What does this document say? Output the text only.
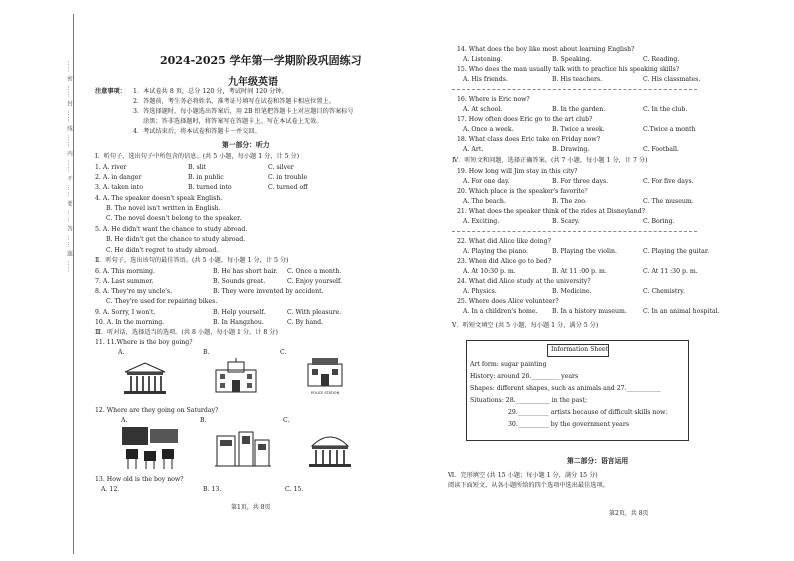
…… 密 …… 封 …… 线 …… 内 …… 不 …… 要 …… 答 …… 题 ……	2024-2025 学年第一学期阶段巩固练习
九年级英语
注意事项： 1．本试卷共 8 页，总分 120 分，考试时间 120 分钟。
2．答题前，考生务必将姓名、准考证号填写在试卷和答题卡相应位置上。
3．答选择题时，每小题选出答案后，用 2B 铅笔把答题卡上对应题目的答案标号
涂黑；答非选择题时，将答案写在答题卡上。写在本试卷上无效。
4．考试结束后，将本试卷和答题卡一并交回。
第一部分：听力
Ⅰ．听句子，选出句子中所包含的信息。(共 5 小题，每小题 1 分，计 5 分)
1. A. river	B. slit	C. silver
2. A. in danger	B. in public	C. in trouble
3. A. taken into	B. turned into	C. turned off
4. A. The speaker doesn't speak English.
B. The novel isn't written in English.
C. The novel doesn't belong to the speaker.
5. A. He didn't want the chance to study abroad.
B. He didn't get the chance to study abroad.
C. He didn't regret to study abroad.
Ⅱ．听句子，选出该句的最佳答语。(共 5 小题，每小题 1 分，计 5 分)
6. A. This morning.	B. He has short hair. C. Once a month.
7. A. Last summer.	B. Sounds great.	C. Enjoy yourself.
8. A. They're my uncle's.	B. They were invented by accident.
C. They're used for repairing bikes.
9. A. Sorry, I won't.	B. Help yourself.	C. With pleasure.
10. A. In the morning.	B. In Hangzhou.	C. By hand.
Ⅲ．听对话，选择适当的选项。(共 8 小题，每小题 1 分，计 8 分)
11. 11.Where is the boy going?
A.	B.	C.
POLICE STATION
12. Where are they going on Saturday?
A.	B.	C.
13. How old is the boy now?
A. 12.	B. 13.	C. 15.
第1页，共 8页
14. What does the boy like most about learning English?
A. Listening.	B. Speaking.	C. Reading.
15. Who does the man usually talk with to practice his speaking skills?
A. His friends.	B. His teachers.	C. His classmates.
16. Where is Eric now?
A. At school.	B. In the garden.	C. In the club.
17. How often does Eric go to the art club?
A. Once a week.	B. Twice a week.	C.Twice a month
18. What class does Eric take on Friday now?
A. Art.	B. Drawing.	C. Football.
Ⅳ．听短文和问题，选择正确答案。(共 7 小题，每小题 1 分，计 7 分)
19. How long will Jim stay in this city?
A. For one day.	B. For three days.	C. For five days.
20. Which place is the speaker's favorite？
A. The beach.	B. The zoo.	C. The museum.
21. What does the speaker think of the rides at Disneyland?
A. Exciting.	B. Scary.	C. Boring.
22. What did Alice like doing?
A. Playing the piano.	B. Playing the violin.	C. Playing the guitar.
23. When did Alice go to bed?
A. At 10:30 p. m.	B. At 11 :00 p. m.	C. At 11 :30 p. m.
24. What did Alice study at the university?
A. Physics.	B. Medicine.	C. Chemistry.
25. Where does Alice volunteer?
A. In a children's home. B. In a history museum.	C. In an animal hospital.
Ⅴ．听短文填空 (共 5 小题，每小题 1 分，满分 5 分)
Information Sheet
Art form: sugar painting
History: around 26._________ years
Shapes: different shapes, such as animals and 27.___________
Situations: 28.___________ in the past;
29.__________ artists because of difficult skills now；
30.__________ by the government years
第二部分：语言运用
Ⅵ．完形填空 (共 15 小题；每小题 1 分，满分 15 分)
阅读下面短文，从各小题所给的四个选项中选出最佳选项。
第2页，共 8页
